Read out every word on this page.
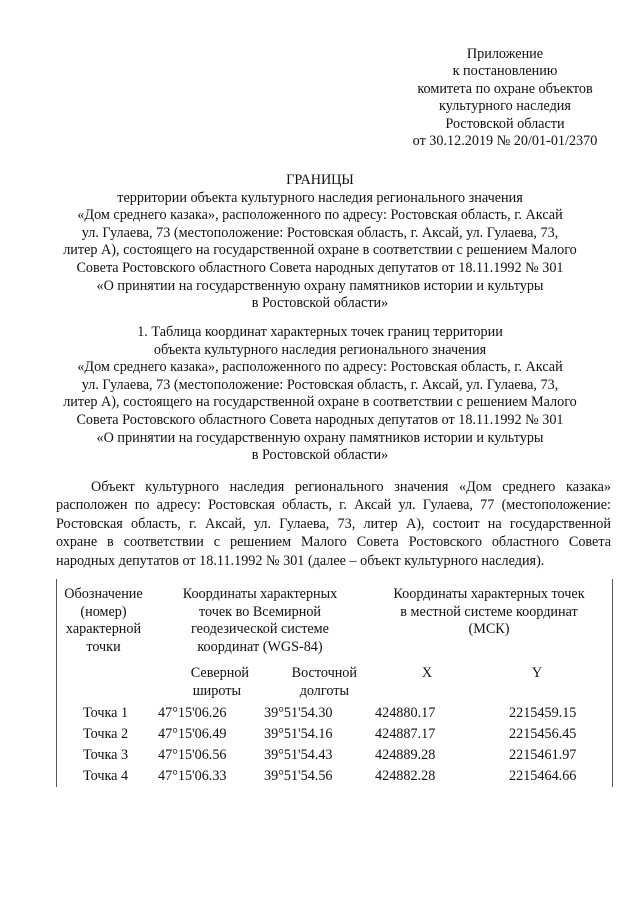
Приложение
к постановлению
комитета по охране объектов
культурного наследия
Ростовской области
от 30.12.2019 № 20/01-01/2370
ГРАНИЦЫ
территории объекта культурного наследия регионального значения
«Дом среднего казака», расположенного по адресу: Ростовская область, г. Аксай
ул. Гулаева, 73 (местоположение: Ростовская область, г. Аксай, ул. Гулаева, 73,
литер А), состоящего на государственной охране в соответствии с решением Малого
Совета Ростовского областного Совета народных депутатов от 18.11.1992 № 301
«О принятии на государственную охрану памятников истории и культуры
в Ростовской области»
1. Таблица координат характерных точек границ территории
объекта культурного наследия регионального значения
«Дом среднего казака», расположенного по адресу: Ростовская область, г. Аксай
ул. Гулаева, 73 (местоположение: Ростовская область, г. Аксай, ул. Гулаева, 73,
литер А), состоящего на государственной охране в соответствии с решением Малого
Совета Ростовского областного Совета народных депутатов от 18.11.1992 № 301
«О принятии на государственную охрану памятников истории и культуры
в Ростовской области»
Объект культурного наследия регионального значения «Дом среднего казака»
расположен по адресу: Ростовская область, г. Аксай ул. Гулаева, 77 (местоположение:
Ростовская область, г. Аксай, ул. Гулаева, 73, литер А), состоит на государственной
охране в соответствии с решением Малого Совета Ростовского областного Совета
народных депутатов от 18.11.1992 № 301 (далее – объект культурного наследия).
Обозначение
(номер)
характерной
точки
Координаты характерных
точек во Всемирной
геодезической системе
координат (WGS-84)
Координаты характерных точек
в местной системе координат
(МСК)
Северной
широты
Восточной
долготы
X	Y
Точка 1 47°15'06.26	39°51'54.30	424880.17	2215459.15
Точка 2 47°15'06.49	39°51'54.16	424887.17	2215456.45
Точка 3 47°15'06.56	39°51'54.43	424889.28	2215461.97
Точка 4 47°15'06.33	39°51'54.56	424882.28	2215464.66
